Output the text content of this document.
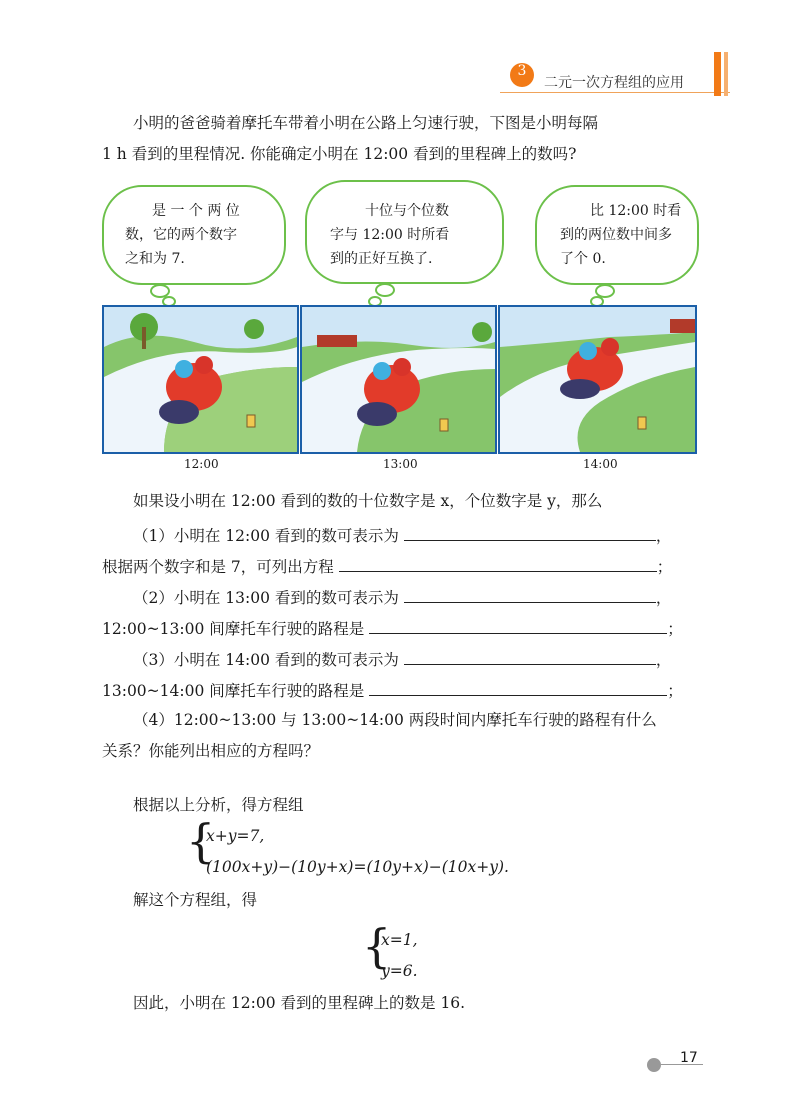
3
二元一次方程组的应用
小明的爸爸骑着摩托车带着小明在公路上匀速行驶，下图是小明每隔
1 h 看到的里程情况. 你能确定小明在 12:00 看到的里程碑上的数吗?
是 一 个 两 位
数，它的两个数字
之和为 7.
十位与个位数
字与 12:00 时所看
到的正好互换了.
比 12:00 时看
到的两位数中间多
了个 0.
12:00	13:00	14:00
如果设小明在 12:00 看到的数的十位数字是 x，个位数字是 y，那么
（1）小明在 12:00 看到的数可表示为	，
根据两个数字和是 7，可列出方程	；
（2）小明在 13:00 看到的数可表示为	，
12:00~13:00 间摩托车行驶的路程是	；
（3）小明在 14:00 看到的数可表示为	，
13:00~14:00 间摩托车行驶的路程是	；
（4）12:00~13:00 与 13:00~14:00 两段时间内摩托车行驶的路程有什么
关系？你能列出相应的方程吗？
根据以上分析，得方程组
{
x+y=7,
(100x+y)−(10y+x)=(10y+x)−(10x+y).
解这个方程组，得
{
x=1,
y=6.
因此，小明在 12:00 看到的里程碑上的数是 16.
17
